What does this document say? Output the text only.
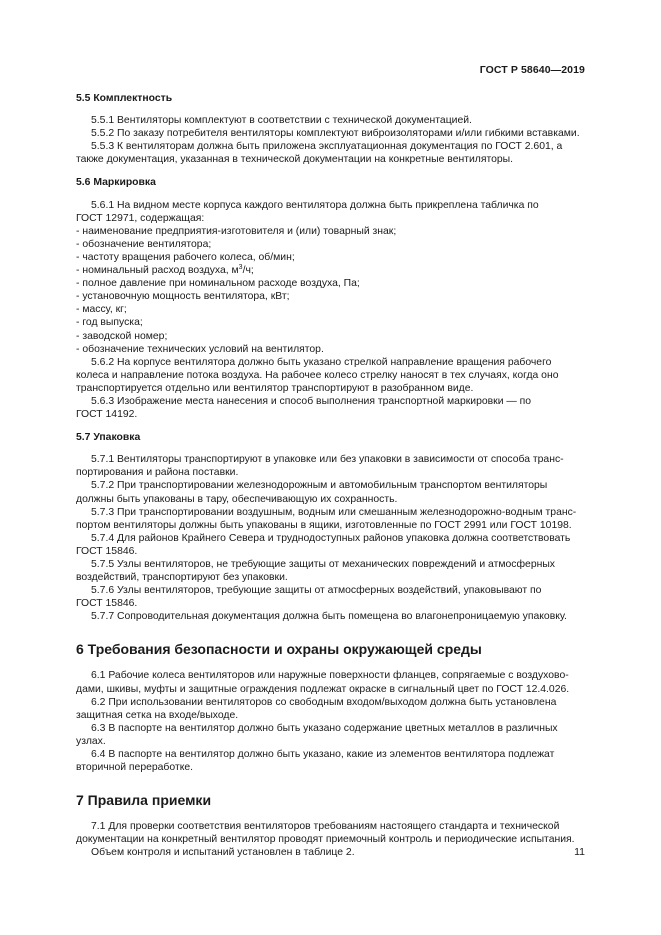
ГОСТ Р 58640—2019
5.5 Комплектность
5.5.1 Вентиляторы комплектуют в соответствии с технической документацией.
5.5.2 По заказу потребителя вентиляторы комплектуют виброизоляторами и/или гибкими вставками.
5.5.3 К вентиляторам должна быть приложена эксплуатационная документация по ГОСТ 2.601, а
также документация, указанная в технической документации на конкретные вентиляторы.
5.6 Маркировка
5.6.1 На видном месте корпуса каждого вентилятора должна быть прикреплена табличка по
ГОСТ 12971, содержащая:
- наименование предприятия-изготовителя и (или) товарный знак;
- обозначение вентилятора;
- частоту вращения рабочего колеса, об/мин;
- номинальный расход воздуха, $м^3/ч$;
- полное давление при номинальном расходе воздуха, Па;
- установочную мощность вентилятора, кВт;
- массу, кг;
- год выпуска;
- заводской номер;
- обозначение технических условий на вентилятор.
5.6.2 На корпусе вентилятора должно быть указано стрелкой направление вращения рабочего
колеса и направление потока воздуха. На рабочее колесо стрелку наносят в тех случаях, когда оно
транспортируется отдельно или вентилятор транспортируют в разобранном виде.
5.6.3 Изображение места нанесения и способ выполнения транспортной маркировки — по
ГОСТ 14192.
5.7 Упаковка
5.7.1 Вентиляторы транспортируют в упаковке или без упаковки в зависимости от способа транс-
портирования и района поставки.
5.7.2 При транспортировании железнодорожным и автомобильным транспортом вентиляторы
должны быть упакованы в тару, обеспечивающую их сохранность.
5.7.3 При транспортировании воздушным, водным или смешанным железнодорожно-водным транс-
портом вентиляторы должны быть упакованы в ящики, изготовленные по ГОСТ 2991 или ГОСТ 10198.
5.7.4 Для районов Крайнего Севера и труднодоступных районов упаковка должна соответствовать
ГОСТ 15846.
5.7.5 Узлы вентиляторов, не требующие защиты от механических повреждений и атмосферных
воздействий, транспортируют без упаковки.
5.7.6 Узлы вентиляторов, требующие защиты от атмосферных воздействий, упаковывают по
ГОСТ 15846.
5.7.7 Сопроводительная документация должна быть помещена во влагонепроницаемую упаковку.
6 Требования безопасности и охраны окружающей среды
6.1 Рабочие колеса вентиляторов или наружные поверхности фланцев, сопрягаемые с воздухово-
дами, шкивы, муфты и защитные ограждения подлежат окраске в сигнальный цвет по ГОСТ 12.4.026.
6.2 При использовании вентиляторов со свободным входом/выходом должна быть установлена
защитная сетка на входе/выходе.
6.3 В паспорте на вентилятор должно быть указано содержание цветных металлов в различных
узлах.
6.4 В паспорте на вентилятор должно быть указано, какие из элементов вентилятора подлежат
вторичной переработке.
7 Правила приемки
7.1 Для проверки соответствия вентиляторов требованиям настоящего стандарта и технической
документации на конкретный вентилятор проводят приемочный контроль и периодические испытания.
Объем контроля и испытаний установлен в таблице 2.	11
